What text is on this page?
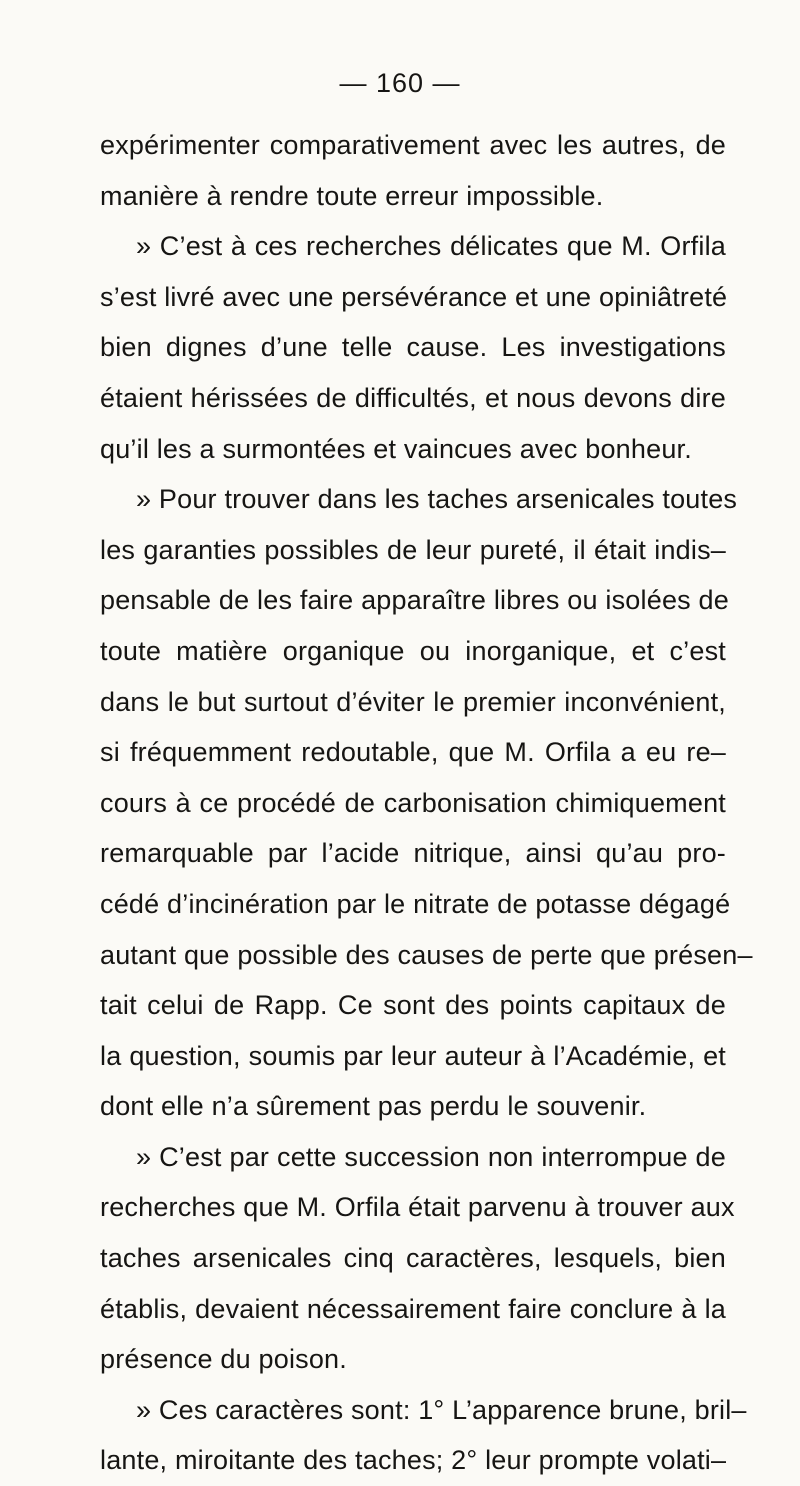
— 160 —
expérimenter comparativement avec les autres, de
manière à rendre toute erreur impossible.
» C’est à ces recherches délicates que M. Orfila
s’est livré avec une persévérance et une opiniâtreté
bien dignes d’une telle cause. Les investigations
étaient hérissées de difficultés, et nous devons dire
qu’il les a surmontées et vaincues avec bonheur.
» Pour trouver dans les taches arsenicales toutes
les garanties possibles de leur pureté, il était indis–
pensable de les faire apparaître libres ou isolées de
toute matière organique ou inorganique, et c’est
dans le but surtout d’éviter le premier inconvénient,
si fréquemment redoutable, que M. Orfila a eu re–
cours à ce procédé de carbonisation chimiquement
remarquable par l’acide nitrique, ainsi qu’au pro-
cédé d’incinération par le nitrate de potasse dégagé
autant que possible des causes de perte que présen–
tait celui de Rapp. Ce sont des points capitaux de
la question, soumis par leur auteur à l’Académie, et
dont elle n’a sûrement pas perdu le souvenir.
» C’est par cette succession non interrompue de
recherches que M. Orfila était parvenu à trouver aux
taches arsenicales cinq caractères, lesquels, bien
établis, devaient nécessairement faire conclure à la
présence du poison.
» Ces caractères sont: 1° L’apparence brune, bril–
lante, miroitante des taches; 2° leur prompte volati–
